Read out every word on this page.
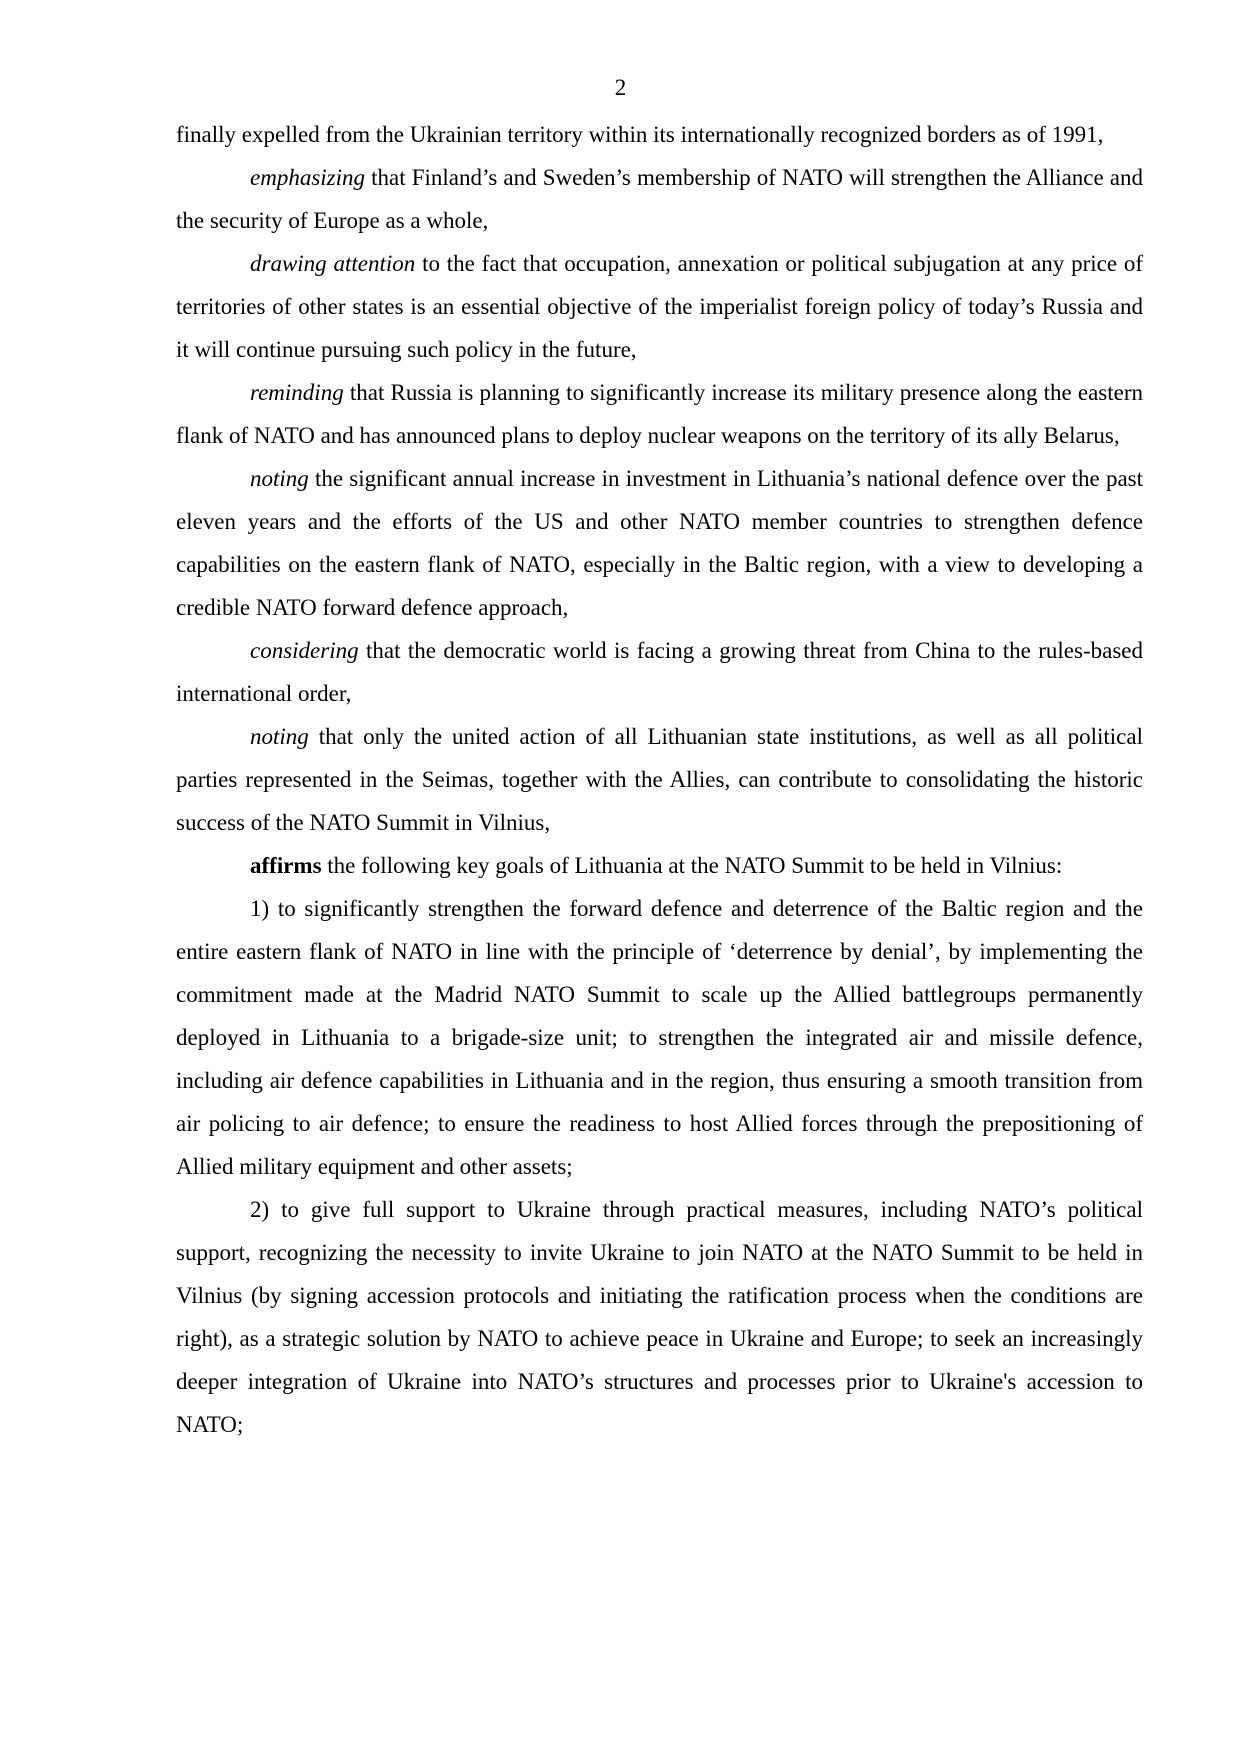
2

finally expelled from the Ukrainian territory within its internationally recognized borders as of 1991,

emphasizing that Finland’s and Sweden’s membership of NATO will strengthen the Alliance and the security of Europe as a whole,

drawing attention to the fact that occupation, annexation or political subjugation at any price of territories of other states is an essential objective of the imperialist foreign policy of today’s Russia and it will continue pursuing such policy in the future,

reminding that Russia is planning to significantly increase its military presence along the eastern flank of NATO and has announced plans to deploy nuclear weapons on the territory of its ally Belarus,

noting the significant annual increase in investment in Lithuania’s national defence over the past eleven years and the efforts of the US and other NATO member countries to strengthen defence capabilities on the eastern flank of NATO, especially in the Baltic region, with a view to developing a credible NATO forward defence approach,

considering that the democratic world is facing a growing threat from China to the rules-based international order,

noting that only the united action of all Lithuanian state institutions, as well as all political parties represented in the Seimas, together with the Allies, can contribute to consolidating the historic success of the NATO Summit in Vilnius,

affirms the following key goals of Lithuania at the NATO Summit to be held in Vilnius:

1) to significantly strengthen the forward defence and deterrence of the Baltic region and the entire eastern flank of NATO in line with the principle of ‘deterrence by denial’, by implementing the commitment made at the Madrid NATO Summit to scale up the Allied battlegroups permanently deployed in Lithuania to a brigade-size unit; to strengthen the integrated air and missile defence, including air defence capabilities in Lithuania and in the region, thus ensuring a smooth transition from air policing to air defence; to ensure the readiness to host Allied forces through the prepositioning of Allied military equipment and other assets;

2) to give full support to Ukraine through practical measures, including NATO’s political support, recognizing the necessity to invite Ukraine to join NATO at the NATO Summit to be held in Vilnius (by signing accession protocols and initiating the ratification process when the conditions are right), as a strategic solution by NATO to achieve peace in Ukraine and Europe; to seek an increasingly deeper integration of Ukraine into NATO’s structures and processes prior to Ukraine's accession to NATO;
